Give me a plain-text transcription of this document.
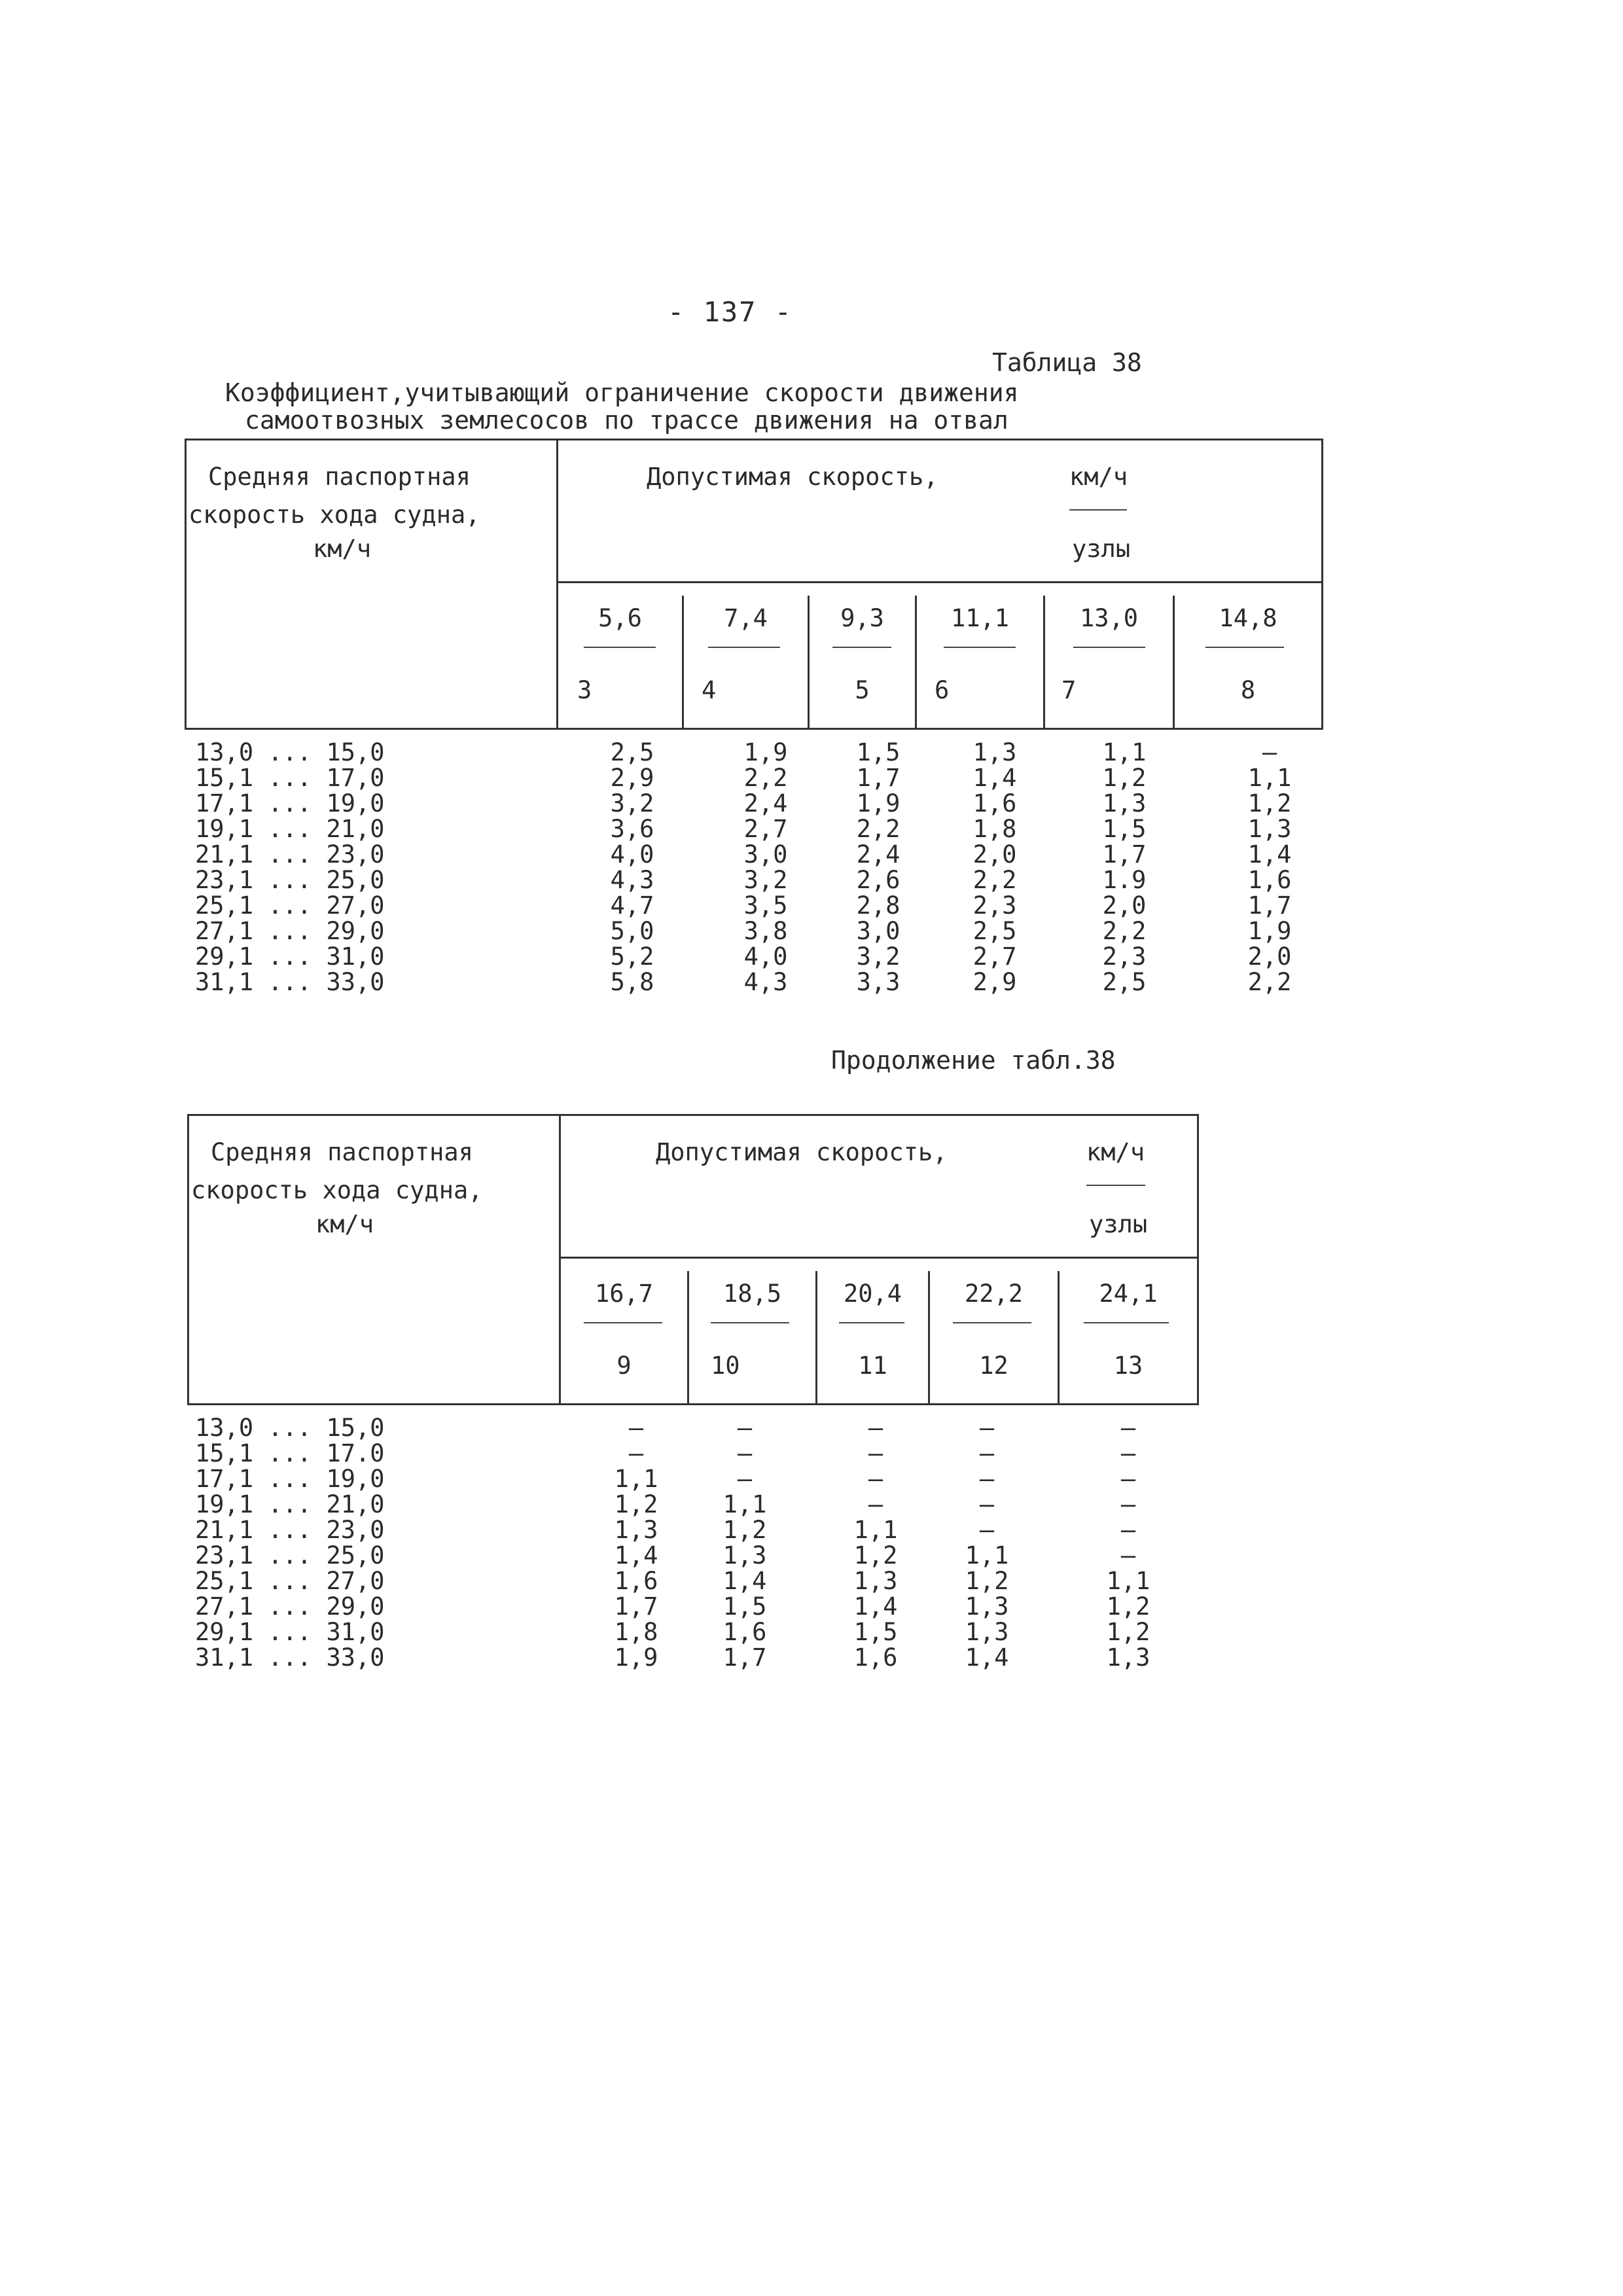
- 137 -
Таблица 38
Коэффициент,учитывающий ограничение скорости движения
самоотвозных землесосов по трассе движения на отвал
Средняя паспортная
скорость хода судна,
км/ч
Допустимая скорость,	км/ч
узлы
5,6	7,4	9,3	11,1	13,0	14,8
3	4	5	6	7	8
13,0 ... 15,0	2,5	1,9	1,5	1,3	1,1	–
15,1 ... 17,0	2,9	2,2	1,7	1,4	1,2	1,1
17,1 ... 19,0	3,2	2,4	1,9	1,6	1,3	1,2
19,1 ... 21,0	3,6	2,7	2,2	1,8	1,5	1,3
21,1 ... 23,0	4,0	3,0	2,4	2,0	1,7	1,4
23,1 ... 25,0	4,3	3,2	2,6	2,2	1.9	1,6
25,1 ... 27,0	4,7	3,5	2,8	2,3	2,0	1,7
27,1 ... 29,0	5,0	3,8	3,0	2,5	2,2	1,9
29,1 ... 31,0	5,2	4,0	3,2	2,7	2,3	2,0
31,1 ... 33,0	5,8	4,3	3,3	2,9	2,5	2,2
Продолжение табл.38
Средняя паспортная
скорость хода судна,
км/ч
Допустимая скорость,	км/ч
узлы
16,7	18,5	20,4	22,2	24,1
9	10	11	12	13
13,0 ... 15,0	–	–	–	–	–
15,1 ... 17.0	–	–	–	–	–
17,1 ... 19,0	1,1	–	–	–	–
19,1 ... 21,0	1,2	1,1	–	–	–
21,1 ... 23,0	1,3	1,2	1,1	–	–
23,1 ... 25,0	1,4	1,3	1,2	1,1	–
25,1 ... 27,0	1,6	1,4	1,3	1,2	1,1
27,1 ... 29,0	1,7	1,5	1,4	1,3	1,2
29,1 ... 31,0	1,8	1,6	1,5	1,3	1,2
31,1 ... 33,0	1,9	1,7	1,6	1,4	1,3
